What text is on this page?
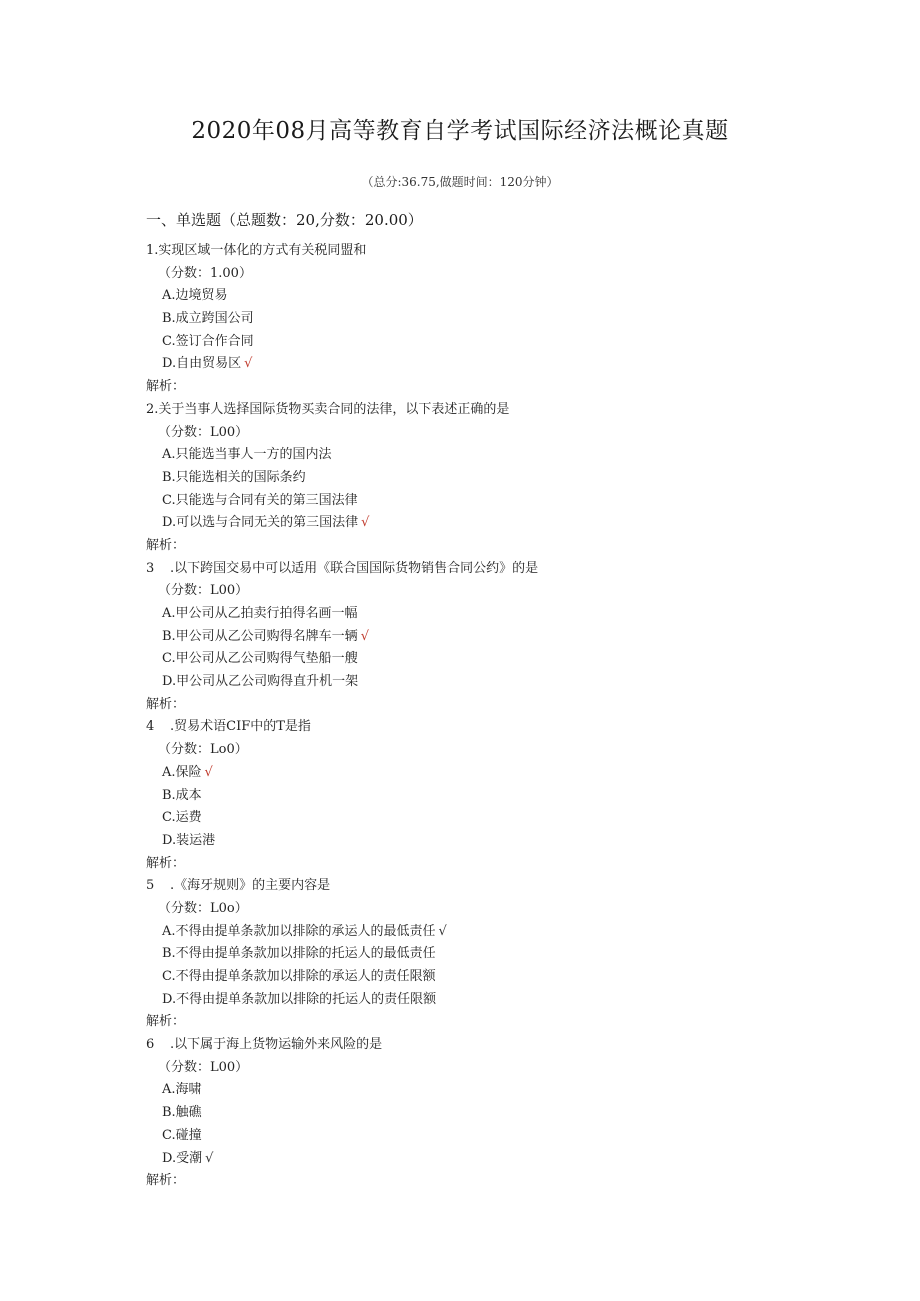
2020年08月高等教育自学考试国际经济法概论真题
（总分:36.75,做题时间：120分钟）
一、单选题（总题数：20,分数：20.00）
1.实现区域一体化的方式有关税同盟和
（分数：1.00）
A.边境贸易
B.成立跨国公司
C.签订合作合同
D.自由贸易区 √
解析：
2.关于当事人选择国际货物买卖合同的法律，以下表述正确的是
（分数：L00）
A.只能选当事人一方的国内法
B.只能选相关的国际条约
C.只能选与合同有关的第三国法律
D.可以选与合同无关的第三国法律 √
解析：
3 .以下跨国交易中可以适用《联合国国际货物销售合同公约》的是
（分数：L00）
A.甲公司从乙拍卖行拍得名画一幅
B.甲公司从乙公司购得名牌车一辆 √
C.甲公司从乙公司购得气垫船一艘
D.甲公司从乙公司购得直升机一架
解析：
4 .贸易术语CIF中的T是指
（分数：Lo0）
A.保险 √
B.成本
C.运费
D.装运港
解析：
5 .《海牙规则》的主要内容是
（分数：L0o）
A.不得由提单条款加以排除的承运人的最低责任 √
B.不得由提单条款加以排除的托运人的最低责任
C.不得由提单条款加以排除的承运人的责任限额
D.不得由提单条款加以排除的托运人的责任限额
解析：
6 .以下属于海上货物运输外来风险的是
（分数：L00）
A.海啸
B.触礁
C.碰撞
D.受潮 √
解析：
